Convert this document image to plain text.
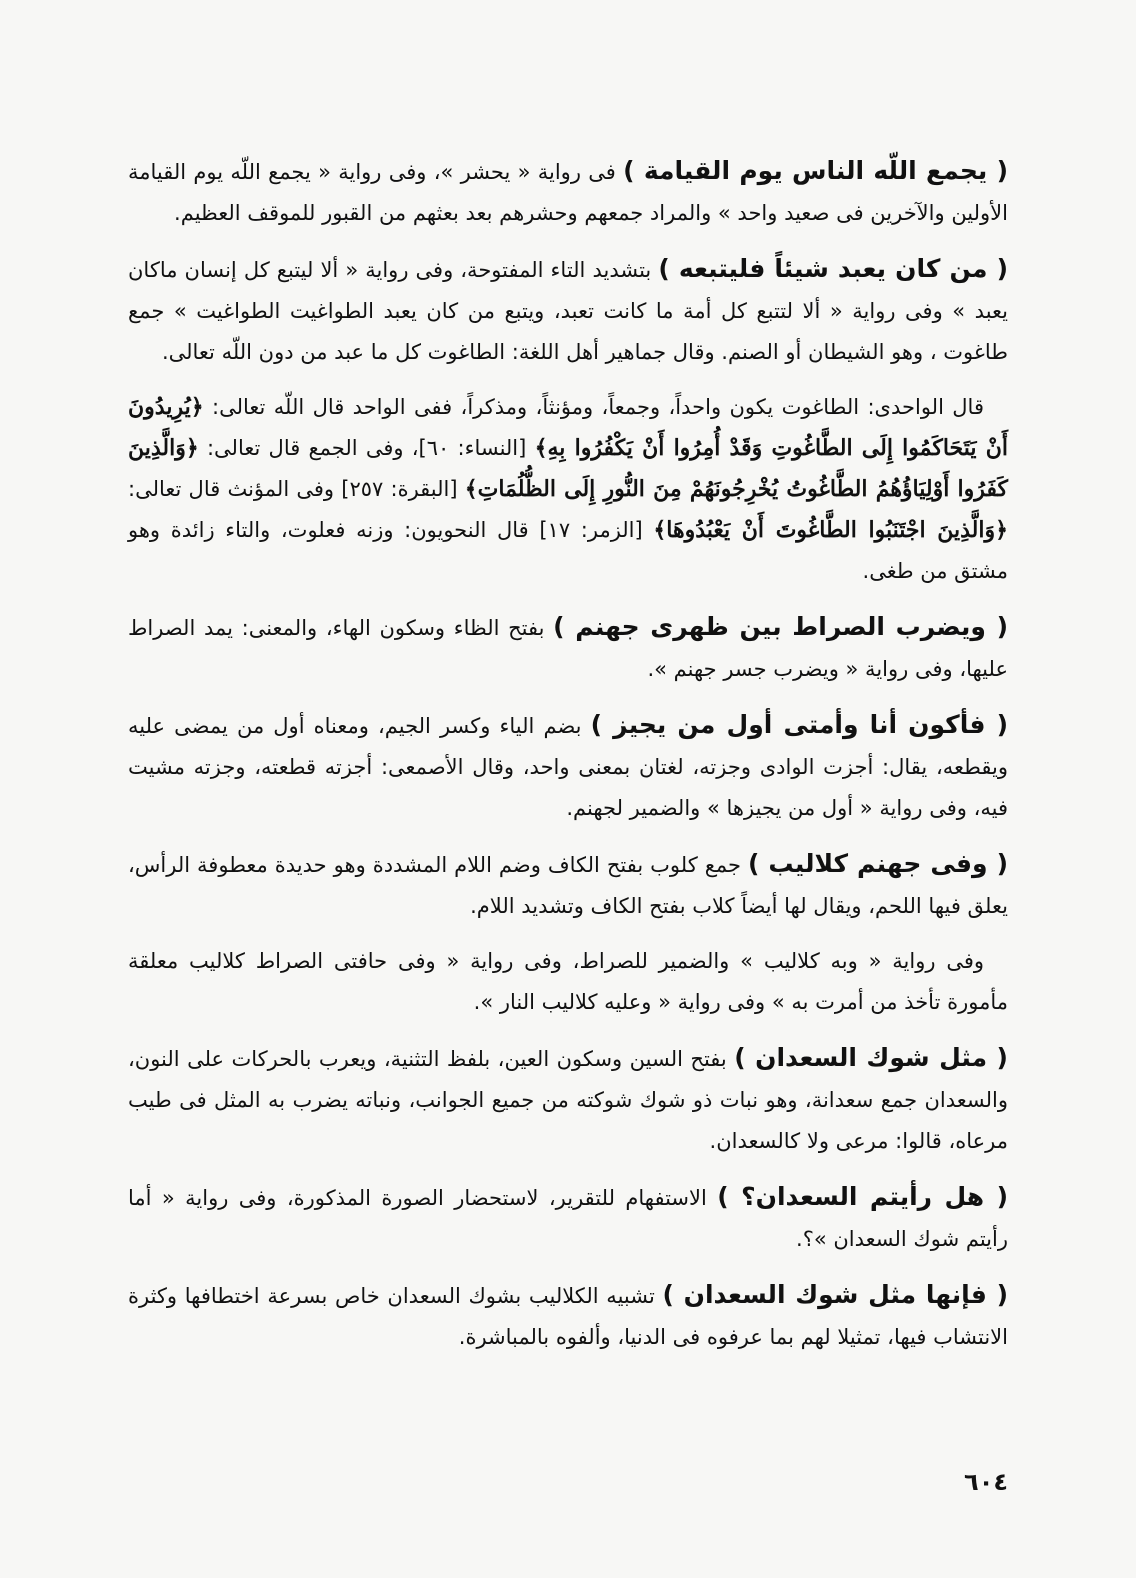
( يجمع اللّه الناس يوم القيامة ) فى رواية « يحشر »، وفى رواية « يجمع اللّه يوم القيامة الأولين والآخرين فى صعيد واحد » والمراد جمعهم وحشرهم بعد بعثهم من القبور للموقف العظيم.

( من كان يعبد شيئاً فليتبعه ) بتشديد التاء المفتوحة، وفى رواية « ألا ليتبع كل إنسان ماكان يعبد » وفى رواية « ألا لتتبع كل أمة ما كانت تعبد، ويتبع من كان يعبد الطواغيت الطواغيت » جمع طاغوت ، وهو الشيطان أو الصنم. وقال جماهير أهل اللغة: الطاغوت كل ما عبد من دون اللّه تعالى.

قال الواحدى: الطاغوت يكون واحداً، وجمعاً، ومؤنثاً، ومذكراً، ففى الواحد قال اللّه تعالى: ﴿يُرِيدُونَ أَنْ يَتَحَاكَمُوا إِلَى الطَّاغُوتِ وَقَدْ أُمِرُوا أَنْ يَكْفُرُوا بِهِ﴾ [النساء: ٦٠]، وفى الجمع قال تعالى: ﴿وَالَّذِينَ كَفَرُوا أَوْلِيَاؤُهُمُ الطَّاغُوتُ يُخْرِجُونَهُمْ مِنَ النُّورِ إِلَى الظُّلُمَاتِ﴾ [البقرة: ٢٥٧] وفى المؤنث قال تعالى: ﴿وَالَّذِينَ اجْتَنَبُوا الطَّاغُوتَ أَنْ يَعْبُدُوهَا﴾ [الزمر: ١٧] قال النحويون: وزنه فعلوت، والتاء زائدة وهو مشتق من طغى.

( ويضرب الصراط بين ظهرى جهنم ) بفتح الظاء وسكون الهاء، والمعنى: يمد الصراط عليها، وفى رواية « ويضرب جسر جهنم ».

( فأكون أنا وأمتى أول من يجيز ) بضم الياء وكسر الجيم، ومعناه أول من يمضى عليه ويقطعه، يقال: أجزت الوادى وجزته، لغتان بمعنى واحد، وقال الأصمعى: أجزته قطعته، وجزته مشيت فيه، وفى رواية « أول من يجيزها » والضمير لجهنم.

( وفى جهنم كلاليب ) جمع كلوب بفتح الكاف وضم اللام المشددة وهو حديدة معطوفة الرأس، يعلق فيها اللحم، ويقال لها أيضاً كلاب بفتح الكاف وتشديد اللام.

وفى رواية « وبه كلاليب » والضمير للصراط، وفى رواية « وفى حافتى الصراط كلاليب معلقة مأمورة تأخذ من أمرت به » وفى رواية « وعليه كلاليب النار ».

( مثل شوك السعدان ) بفتح السين وسكون العين، بلفظ التثنية، ويعرب بالحركات على النون، والسعدان جمع سعدانة، وهو نبات ذو شوك شوكته من جميع الجوانب، ونباته يضرب به المثل فى طيب مرعاه، قالوا: مرعى ولا كالسعدان.

( هل رأيتم السعدان؟ ) الاستفهام للتقرير، لاستحضار الصورة المذكورة، وفى رواية « أما رأيتم شوك السعدان »؟.

( فإنها مثل شوك السعدان ) تشبيه الكلاليب بشوك السعدان خاص بسرعة اختطافها وكثرة الانتشاب فيها، تمثيلا لهم بما عرفوه فى الدنيا، وألفوه بالمباشرة.

٦٠٤
